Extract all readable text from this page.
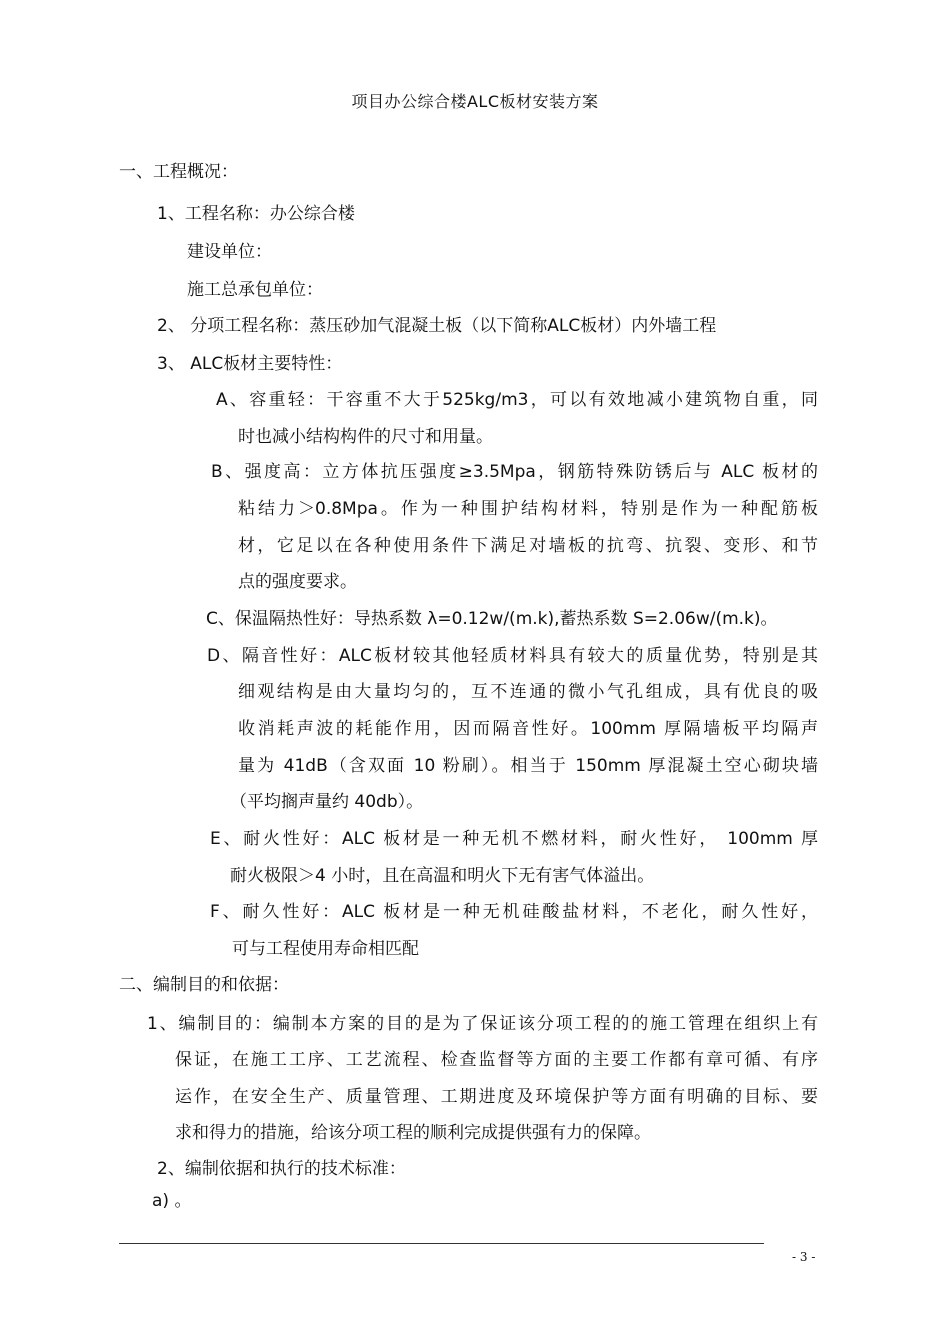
项目办公综合楼ALC板材安装方案
一、工程概况：
1、工程名称：办公综合楼
建设单位：
施工总承包单位：
2、 分项工程名称：蒸压砂加气混凝土板（以下简称ALC板材）内外墙工程
3、 ALC板材主要特性：
A、容重轻：干容重不大于525kg/m3，可以有效地减小建筑物自重，同
时也减小结构构件的尺寸和用量。
B、强度高：立方体抗压强度≥3.5Mpa，钢筋特殊防锈后与 ALC 板材的
粘结力＞0.8Mpa。作为一种围护结构材料，特别是作为一种配筋板
材，它足以在各种使用条件下满足对墙板的抗弯、抗裂、变形、和节
点的强度要求。
C、保温隔热性好：导热系数 λ=0.12w/(m.k),蓄热系数 S=2.06w/(m.k)。
D、隔音性好：ALC板材较其他轻质材料具有较大的质量优势，特别是其
细观结构是由大量均匀的，互不连通的微小气孔组成，具有优良的吸
收消耗声波的耗能作用，因而隔音性好。100mm 厚隔墙板平均隔声
量为 41dB（含双面 10 粉刷）。相当于 150mm 厚混凝土空心砌块墙
（平均搁声量约 40db）。
E、耐火性好：ALC 板材是一种无机不燃材料，耐火性好， 100mm 厚
耐火极限＞4 小时，且在高温和明火下无有害气体溢出。
F、耐久性好：ALC 板材是一种无机硅酸盐材料，不老化，耐久性好，
可与工程使用寿命相匹配
二、编制目的和依据：
1、编制目的：编制本方案的目的是为了保证该分项工程的的施工管理在组织上有
保证，在施工工序、工艺流程、检查监督等方面的主要工作都有章可循、有序
运作，在安全生产、质量管理、工期进度及环境保护等方面有明确的目标、要
求和得力的措施，给该分项工程的顺利完成提供强有力的保障。
2、编制依据和执行的技术标准：
a) 。
- 3 -
